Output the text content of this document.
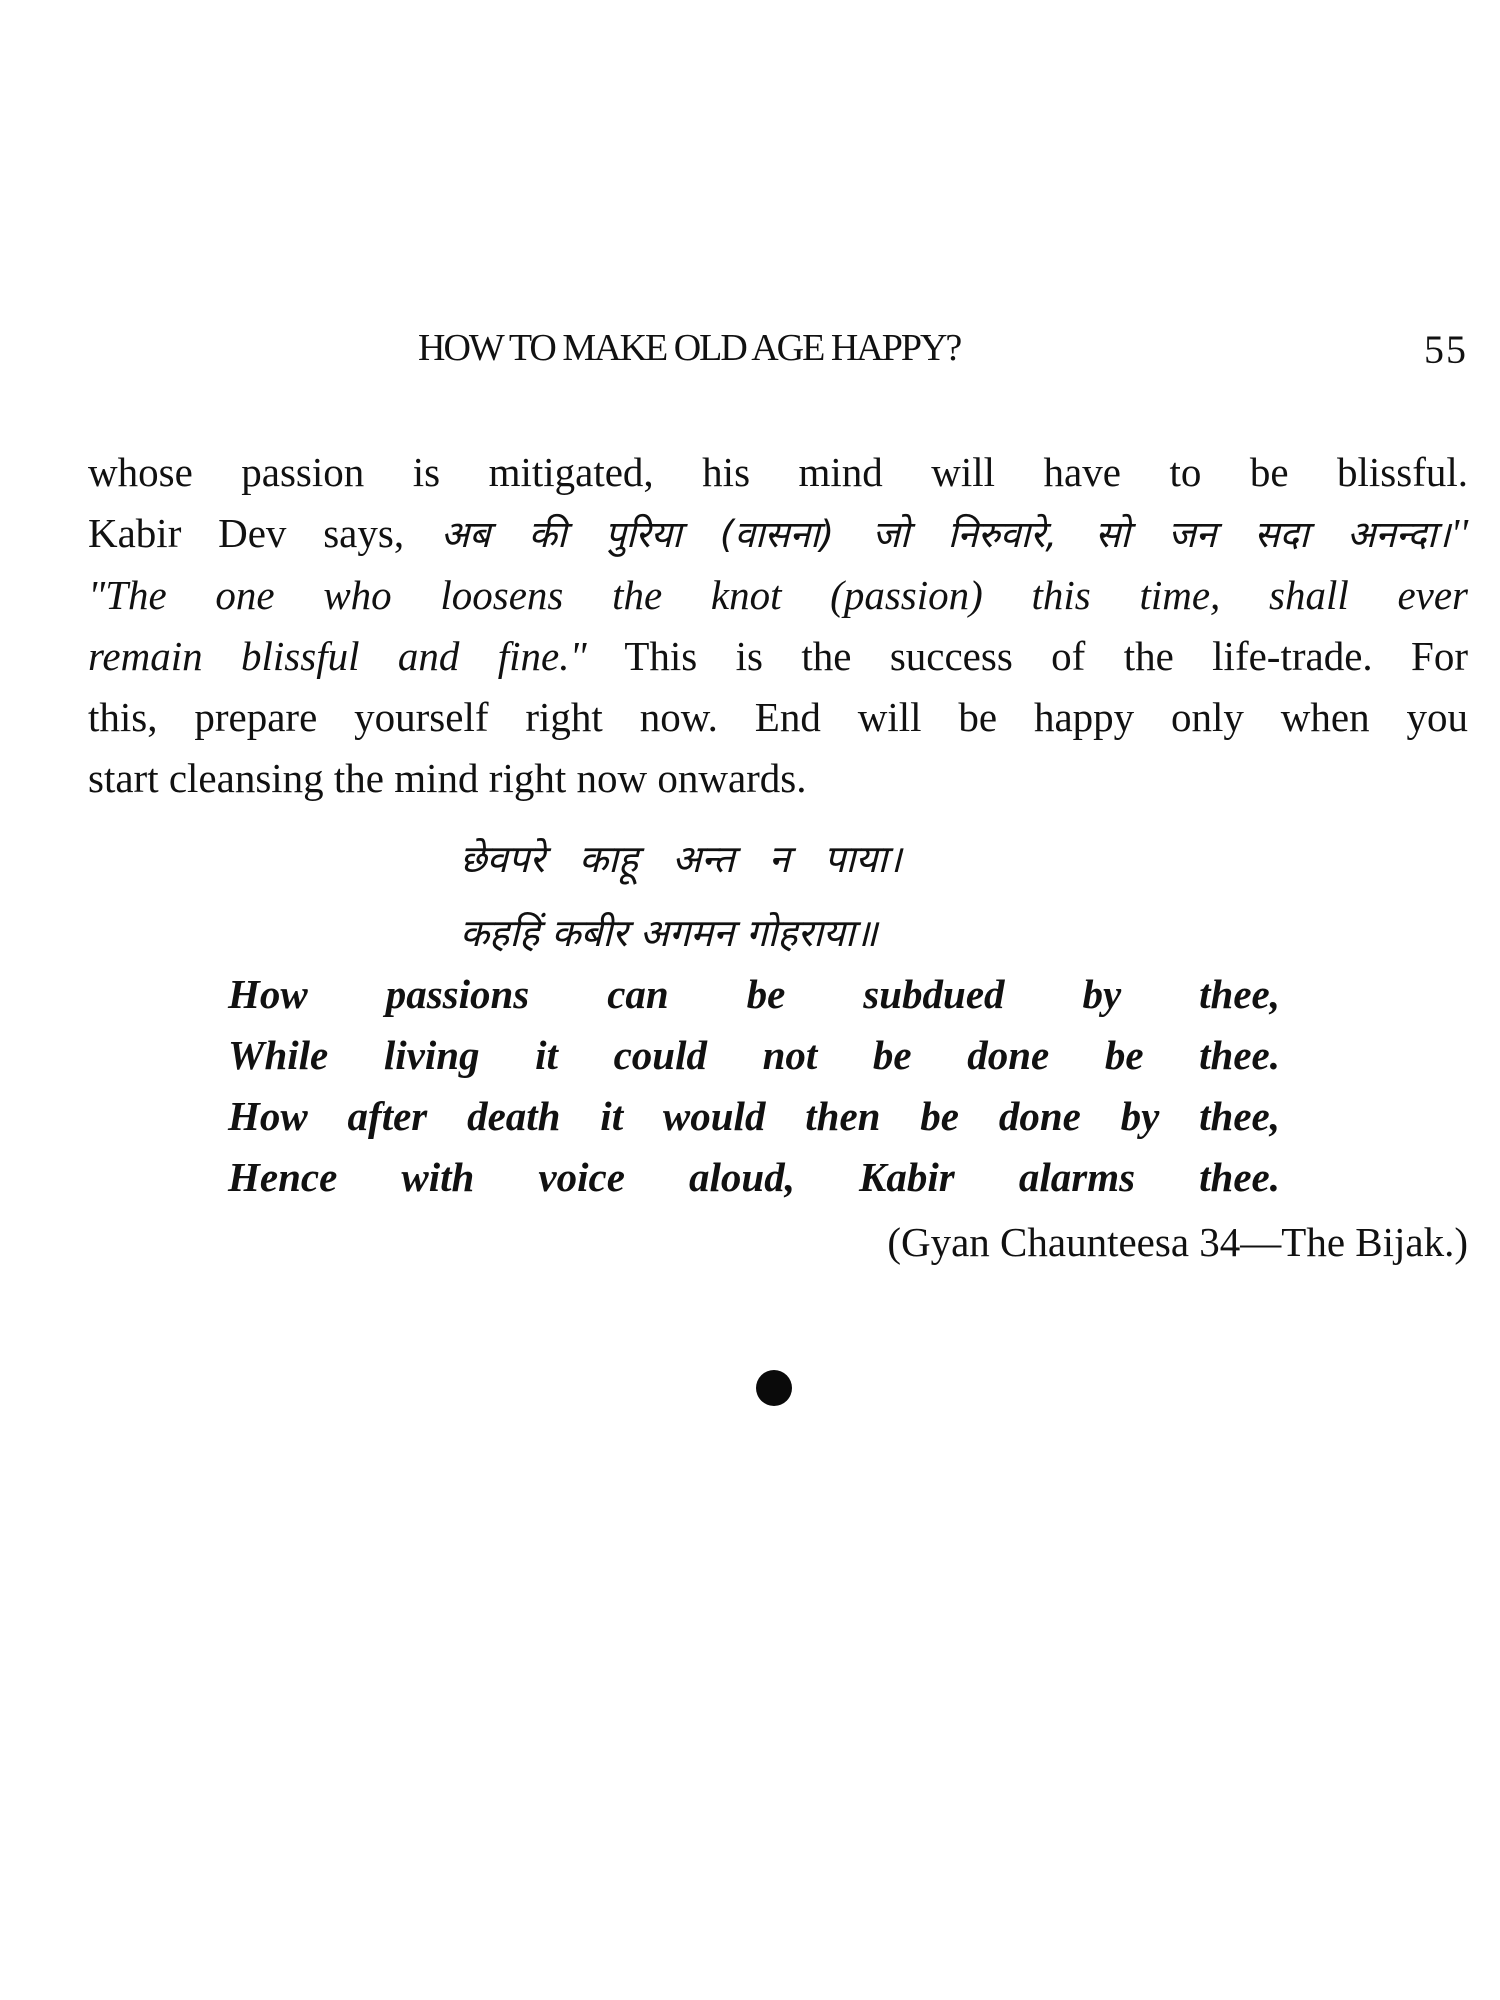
HOW TO MAKE OLD AGE HAPPY?	55
whose passion is mitigated, his mind will have to be blissful.
Kabir Dev says, अब की पुरिया (वासना) जो निरुवारे, सो जन सदा अनन्दा।''
"The one who loosens the knot (passion) this time, shall ever
remain blissful and fine." This is the success of the life-trade. For
this, prepare yourself right now. End will be happy only when you
start cleansing the mind right now onwards.
छेवपरे काहू अन्त न पाया।
कहहिं कबीर अगमन गोहराया॥
How passions can be subdued by thee,
While living it could not be done be thee.
How after death it would then be done by thee,
Hence with voice aloud, Kabir alarms thee.
(Gyan Chaunteesa 34—The Bijak.)
